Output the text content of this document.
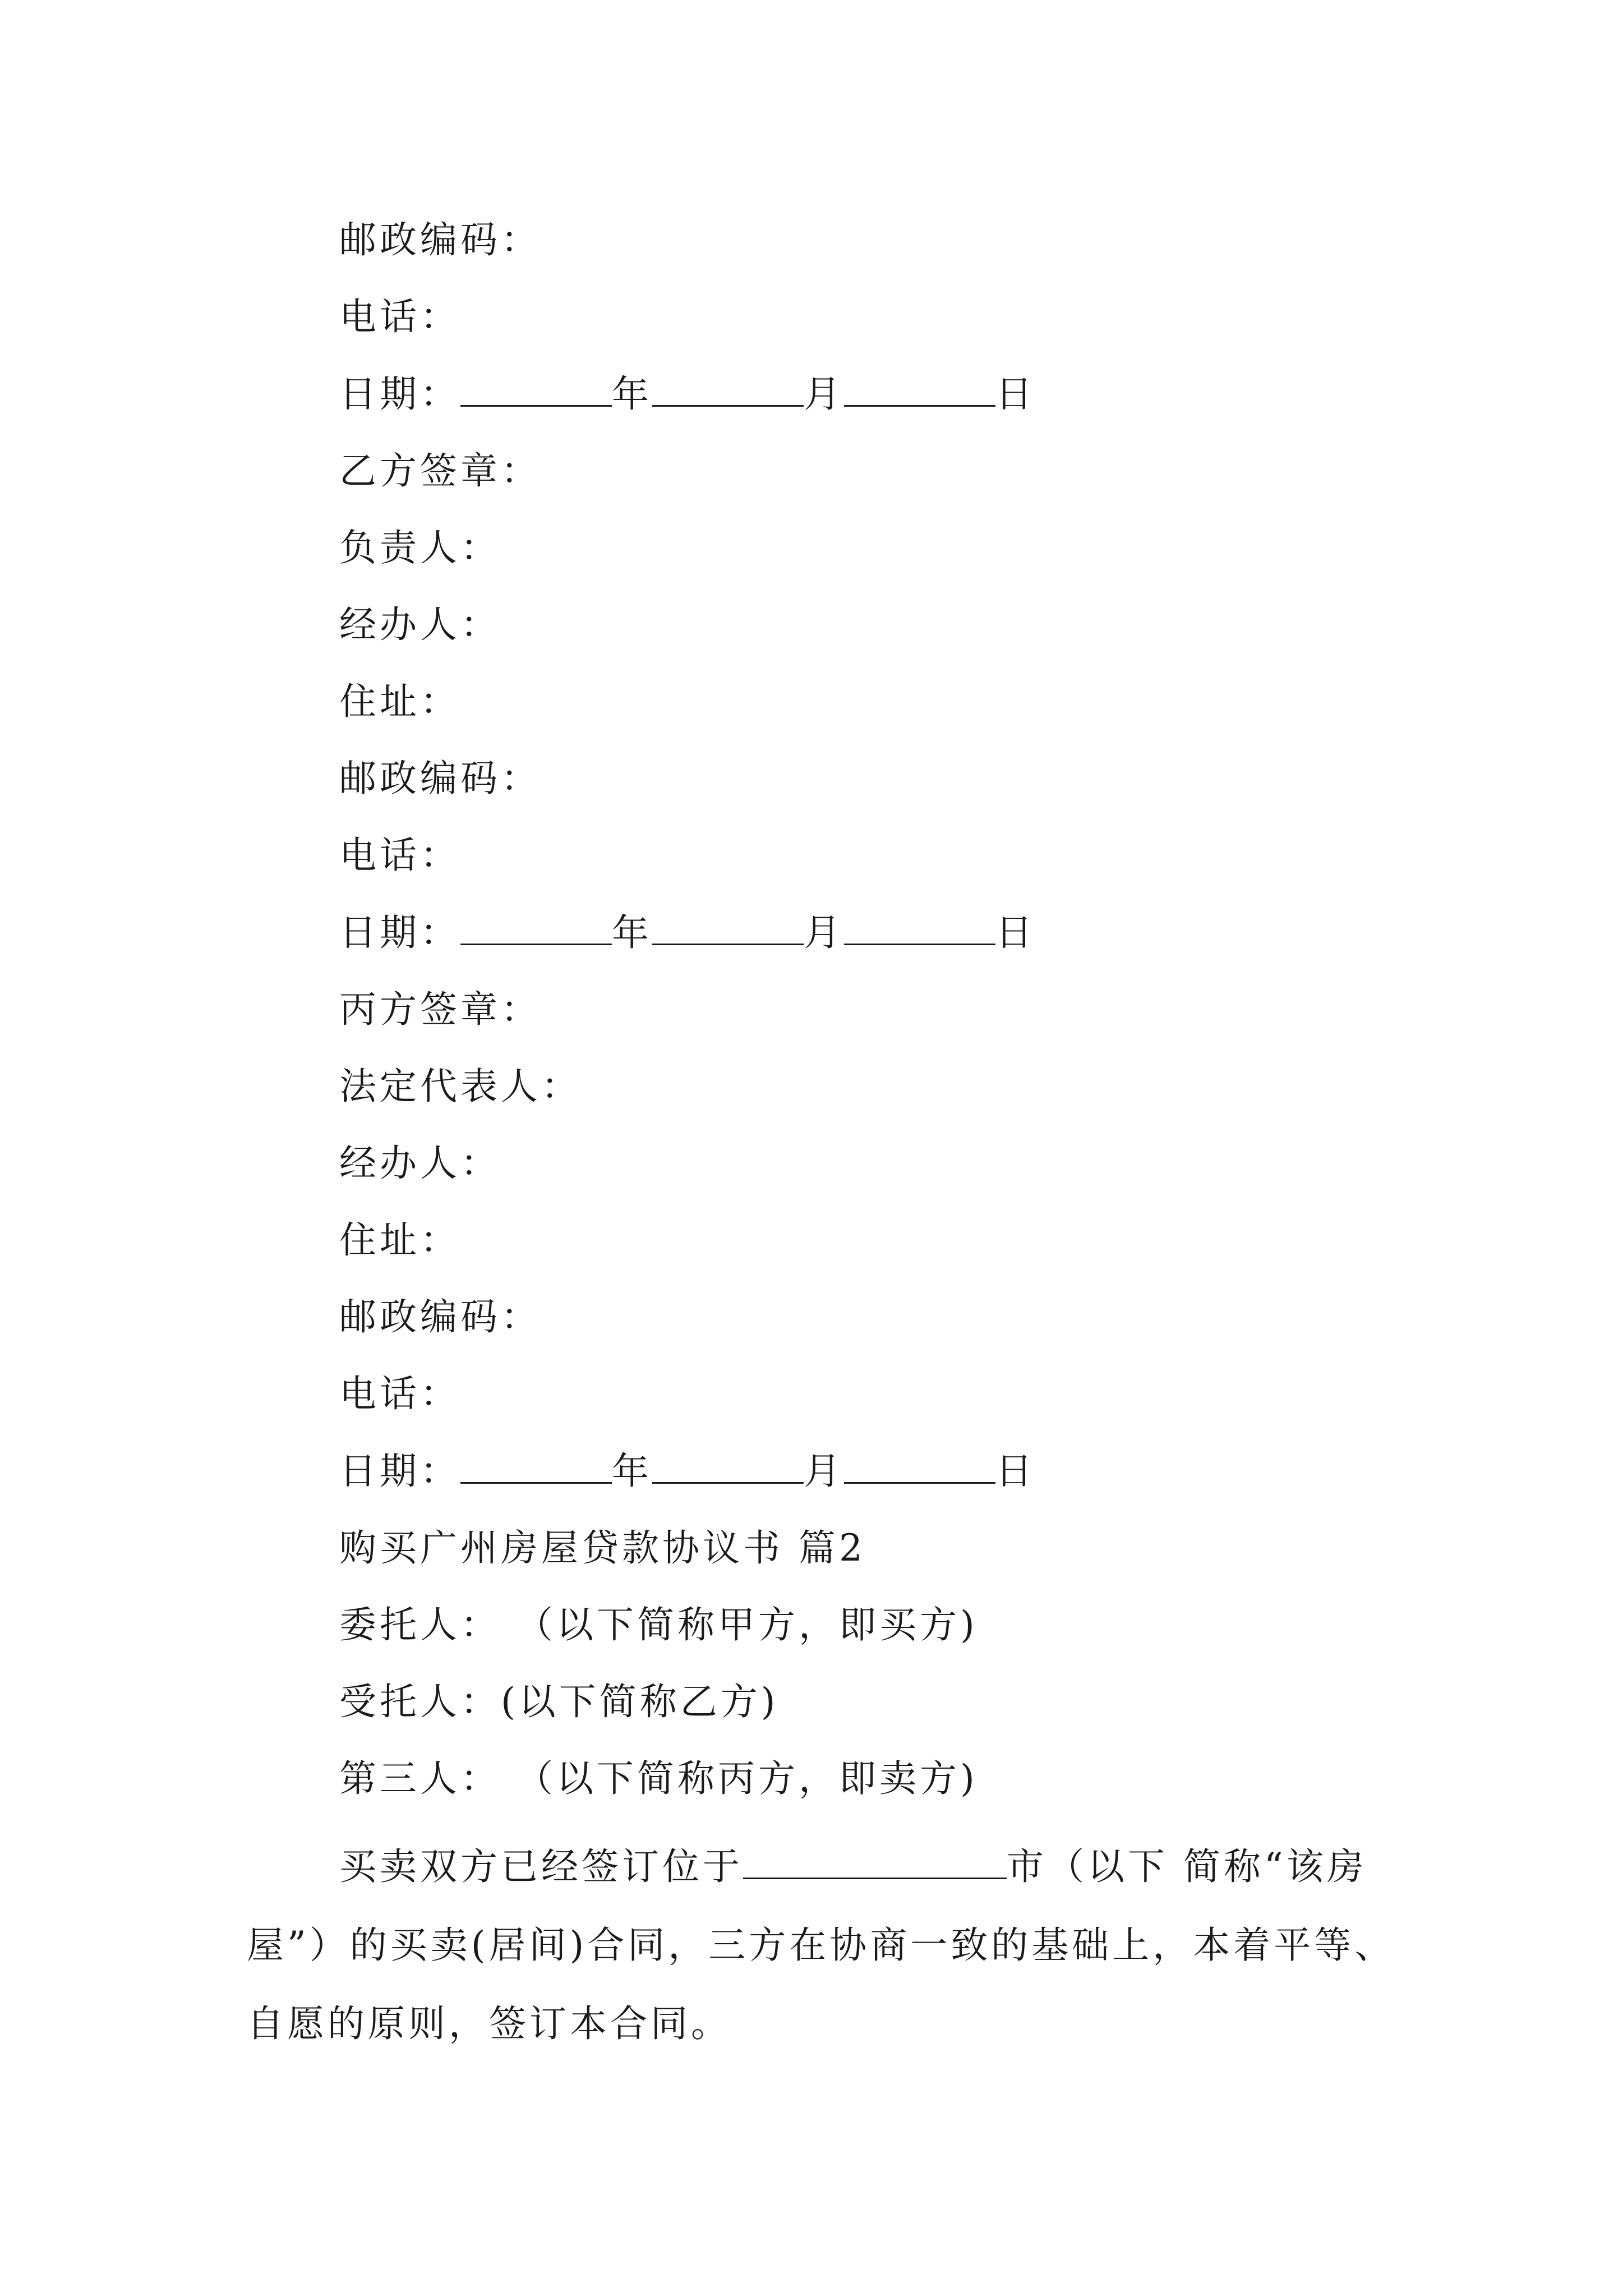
邮政编码：
电话：
日期：	年	月	日
乙方签章：
负责人：
经办人：
住址：
邮政编码：
电话：
日期：	年	月	日
丙方签章：
法定代表人：
经办人：
住址：
邮政编码：
电话：
日期：	年	月	日
购买广州房屋贷款协议书 篇2
委托人： （以下简称甲方，即买方)
受托人：(以下简称乙方)
第三人： （以下简称丙方，即卖方)
买卖双方已经签订位于	市（以下 简称“该房屋”）的买卖(居间)合同，三方在协商一致的基础上，本着平等、自愿的原则，签订本合同。
